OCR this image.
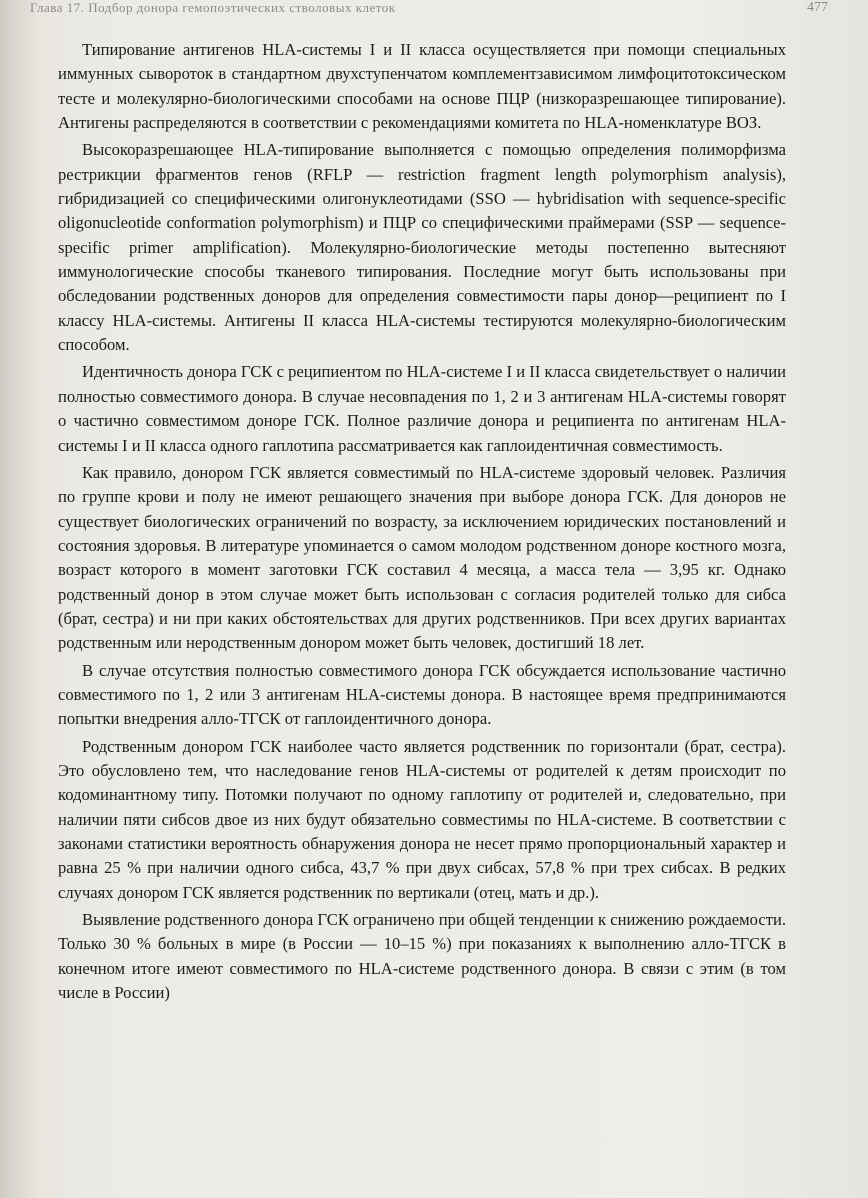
Глава 17. Подбор донора гемопоэтических стволовых клеток	477

Типирование антигенов HLA-системы I и II класса осуществляется при помощи специальных иммунных сывороток в стандартном двухступенчатом комплементзависимом лимфоцитотоксическом тесте и молекулярно-биологическими способами на основе ПЦР (низкоразрешающее типирование). Антигены распределяются в соответствии с рекомендациями комитета по HLA-номенклатуре ВОЗ.

Высокоразрешающее HLA-типирование выполняется с помощью определения полиморфизма рестрикции фрагментов генов (RFLP — restriction fragment length polymorphism analysis), гибридизацией со специфическими олигонуклеотидами (SSO — hybridisation with sequence-specific oligonucleotide conformation polymorphism) и ПЦР со специфическими праймерами (SSP — sequence-specific primer amplification). Молекулярно-биологические методы постепенно вытесняют иммунологические способы тканевого типирования. Последние могут быть использованы при обследовании родственных доноров для определения совместимости пары донор—реципиент по I классу HLA-системы. Антигены II класса HLA-системы тестируются молекулярно-биологическим способом.

Идентичность донора ГСК с реципиентом по HLA-системе I и II класса свидетельствует о наличии полностью совместимого донора. В случае несовпадения по 1, 2 и 3 антигенам HLA-системы говорят о частично совместимом доноре ГСК. Полное различие донора и реципиента по антигенам HLA-системы I и II класса одного гаплотипа рассматривается как гаплоидентичная совместимость.

Как правило, донором ГСК является совместимый по HLA-системе здоровый человек. Различия по группе крови и полу не имеют решающего значения при выборе донора ГСК. Для доноров не существует биологических ограничений по возрасту, за исключением юридических постановлений и состояния здоровья. В литературе упоминается о самом молодом родственном доноре костного мозга, возраст которого в момент заготовки ГСК составил 4 месяца, а масса тела — 3,95 кг. Однако родственный донор в этом случае может быть использован с согласия родителей только для сибса (брат, сестра) и ни при каких обстоятельствах для других родственников. При всех других вариантах родственным или неродственным донором может быть человек, достигший 18 лет.

В случае отсутствия полностью совместимого донора ГСК обсуждается использование частично совместимого по 1, 2 или 3 антигенам HLA-системы донора. В настоящее время предпринимаются попытки внедрения алло-ТГСК от гаплоидентичного донора.

Родственным донором ГСК наиболее часто является родственник по горизонтали (брат, сестра). Это обусловлено тем, что наследование генов HLA-системы от родителей к детям происходит по кодоминантному типу. Потомки получают по одному гаплотипу от родителей и, следовательно, при наличии пяти сибсов двое из них будут обязательно совместимы по HLA-системе. В соответствии с законами статистики вероятность обнаружения донора не несет прямо пропорциональный характер и равна 25 % при наличии одного сибса, 43,7 % при двух сибсах, 57,8 % при трех сибсах. В редких случаях донором ГСК является родственник по вертикали (отец, мать и др.).

Выявление родственного донора ГСК ограничено при общей тенденции к снижению рождаемости. Только 30 % больных в мире (в России — 10–15 %) при показаниях к выполнению алло-ТГСК в конечном итоге имеют совместимого по HLA-системе родственного донора. В связи с этим (в том числе в России)
